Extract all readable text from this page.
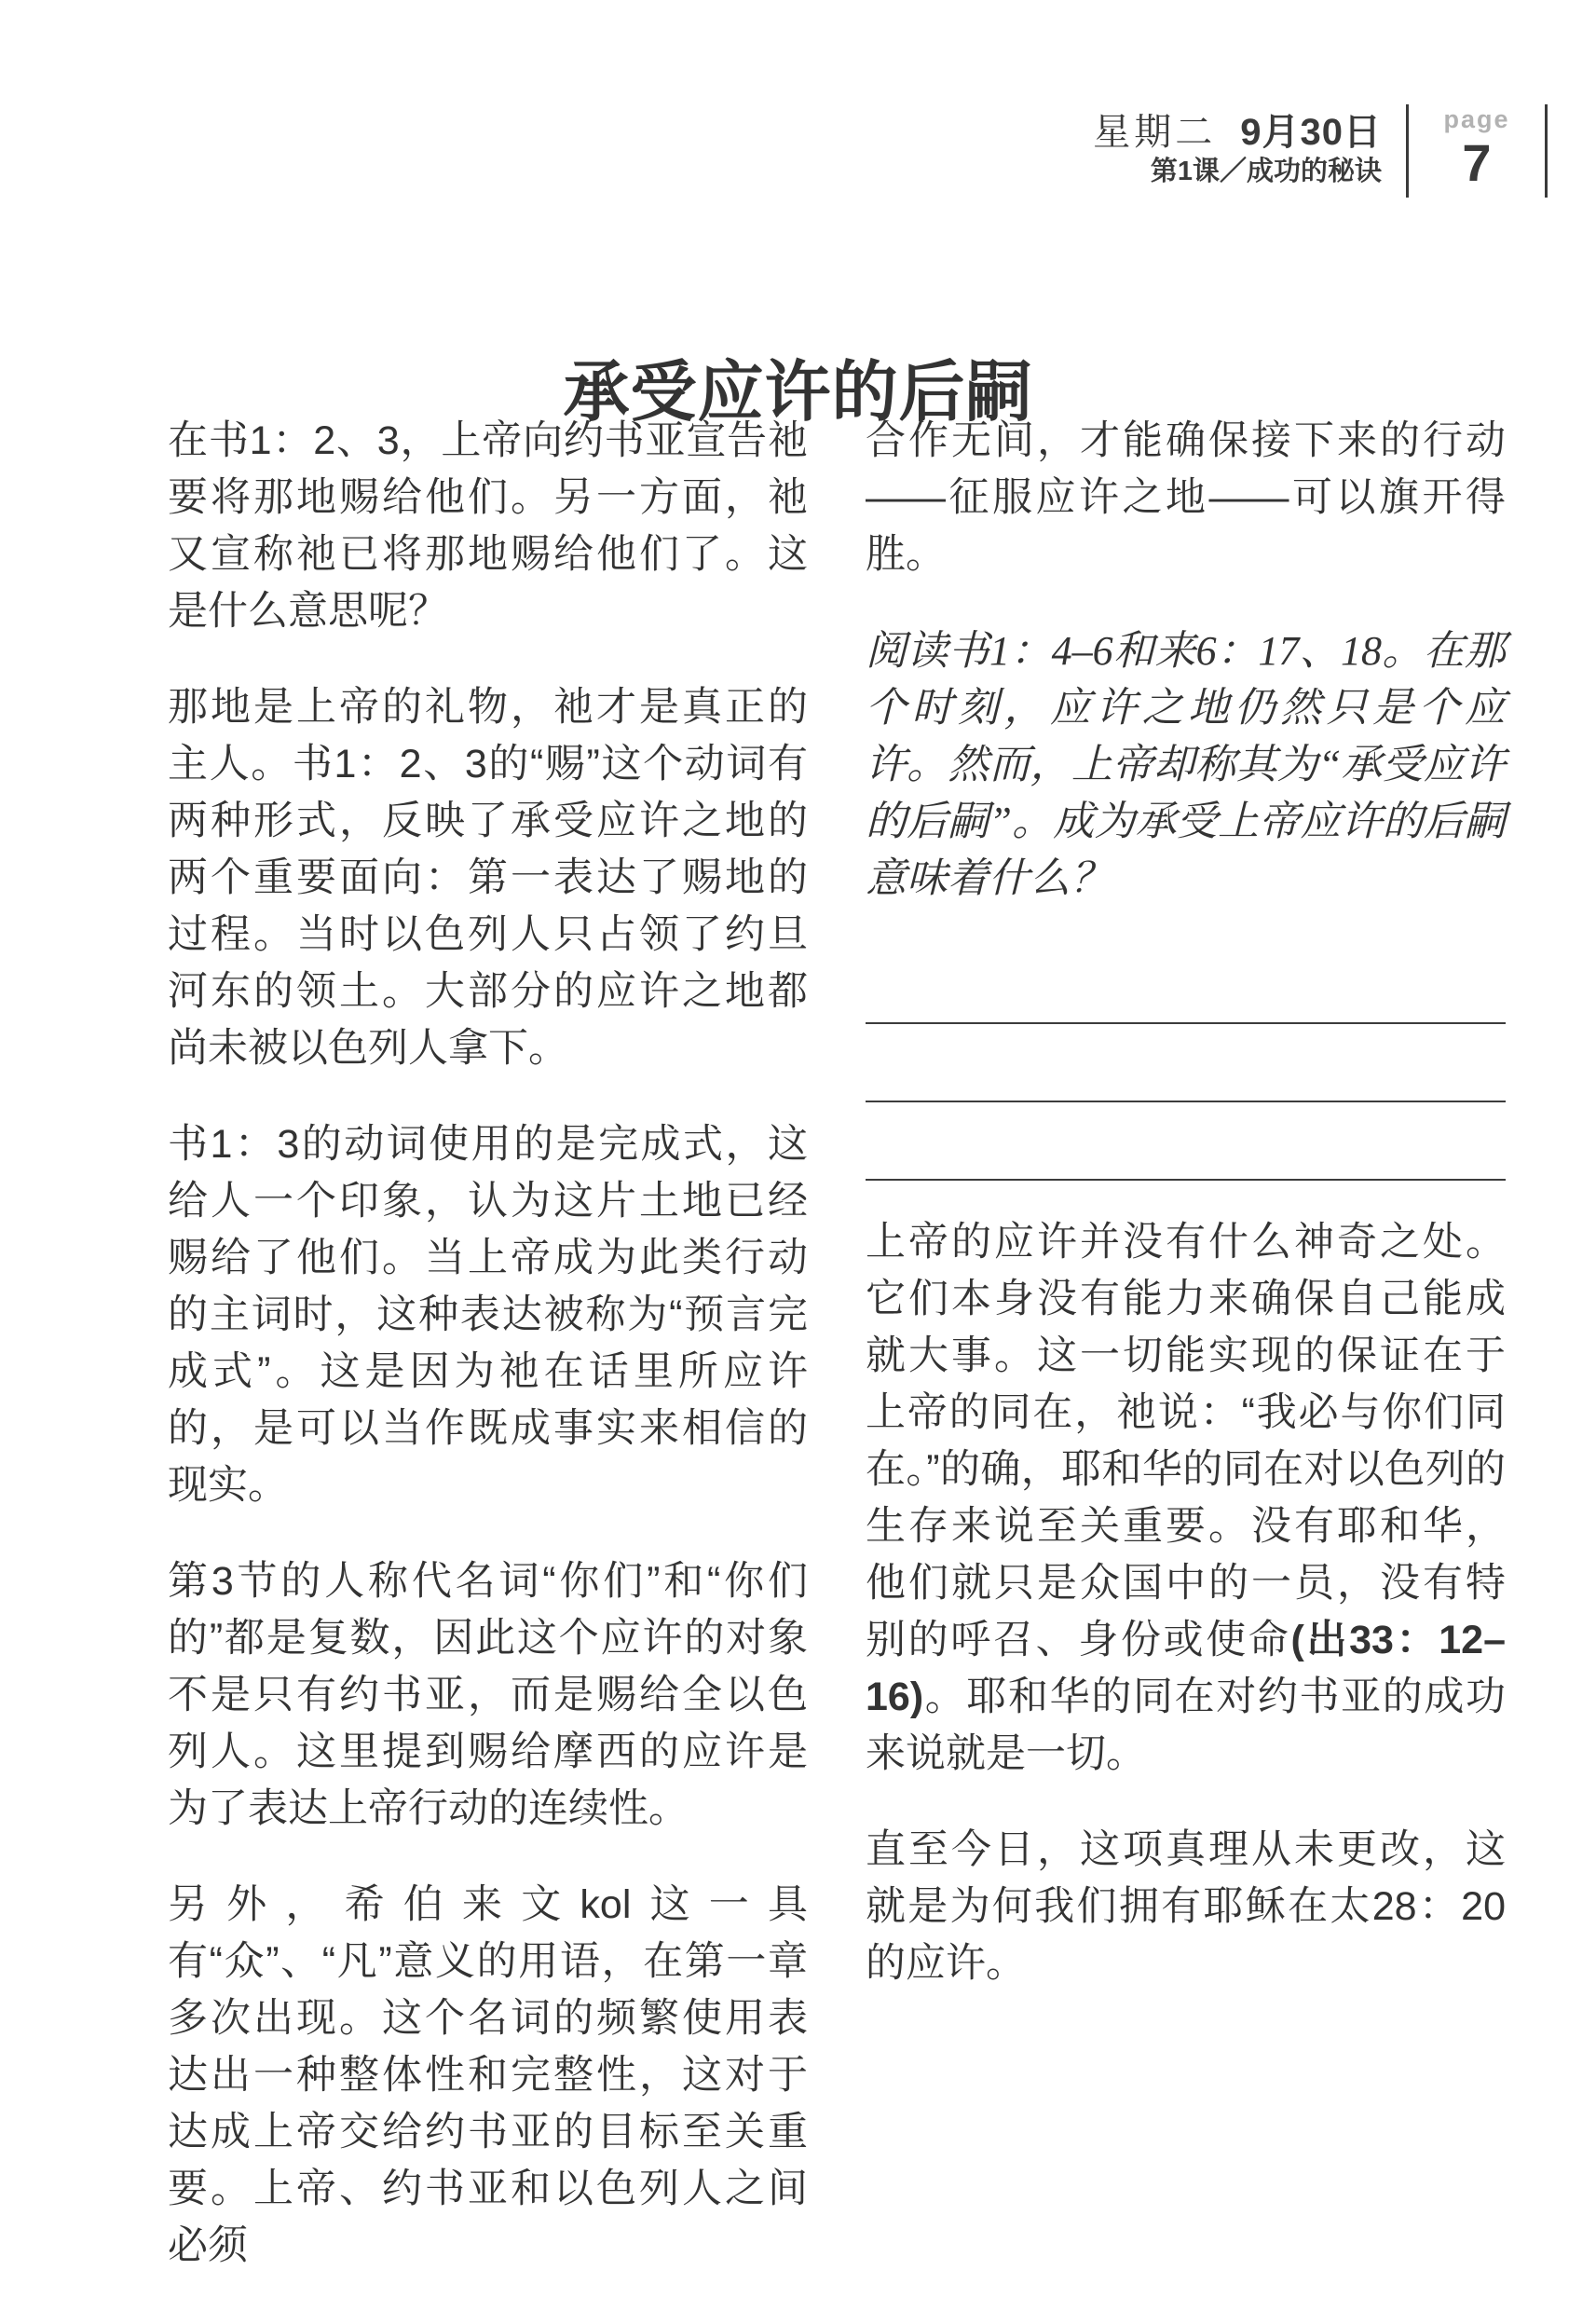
星期二 9月30日
第1课／成功的秘诀
page
7
承受应许的后嗣

在书1：2、3，上帝向约书亚宣告祂要将那地赐给他们。另一方面，祂又宣称祂已将那地赐给他们了。这是什么意思呢？

那地是上帝的礼物，祂才是真正的主人。书1：2、3的“赐”这个动词有两种形式，反映了承受应许之地的两个重要面向：第一表达了赐地的过程。当时以色列人只占领了约旦河东的领土。大部分的应许之地都尚未被以色列人拿下。

书1：3的动词使用的是完成式，这给人一个印象，认为这片土地已经赐给了他们。当上帝成为此类行动的主词时，这种表达被称为“预言完成式”。这是因为祂在话里所应许的，是可以当作既成事实来相信的现实。

第3节的人称代名词“你们”和“你们的”都是复数，因此这个应许的对象不是只有约书亚，而是赐给全以色列人。这里提到赐给摩西的应许是为了表达上帝行动的连续性。

另外，希伯来文kol这一具有“众”、“凡”意义的用语，在第一章多次出现。这个名词的频繁使用表达出一种整体性和完整性，这对于达成上帝交给约书亚的目标至关重要。上帝、约书亚和以色列人之间必须

合作无间，才能确保接下来的行动——征服应许之地——可以旗开得胜。

阅读书1：4–6和来6：17、18。在那个时刻，应许之地仍然只是个应许。然而，上帝却称其为“承受应许的后嗣”。成为承受上帝应许的后嗣意味着什么？

上帝的应许并没有什么神奇之处。它们本身没有能力来确保自己能成就大事。这一切能实现的保证在于上帝的同在，祂说：“我必与你们同在。”的确，耶和华的同在对以色列的生存来说至关重要。没有耶和华，他们就只是众国中的一员，没有特别的呼召、身份或使命(出33：12–16)。耶和华的同在对约书亚的成功来说就是一切。

直至今日，这项真理从未更改，这就是为何我们拥有耶稣在太28：20的应许。
